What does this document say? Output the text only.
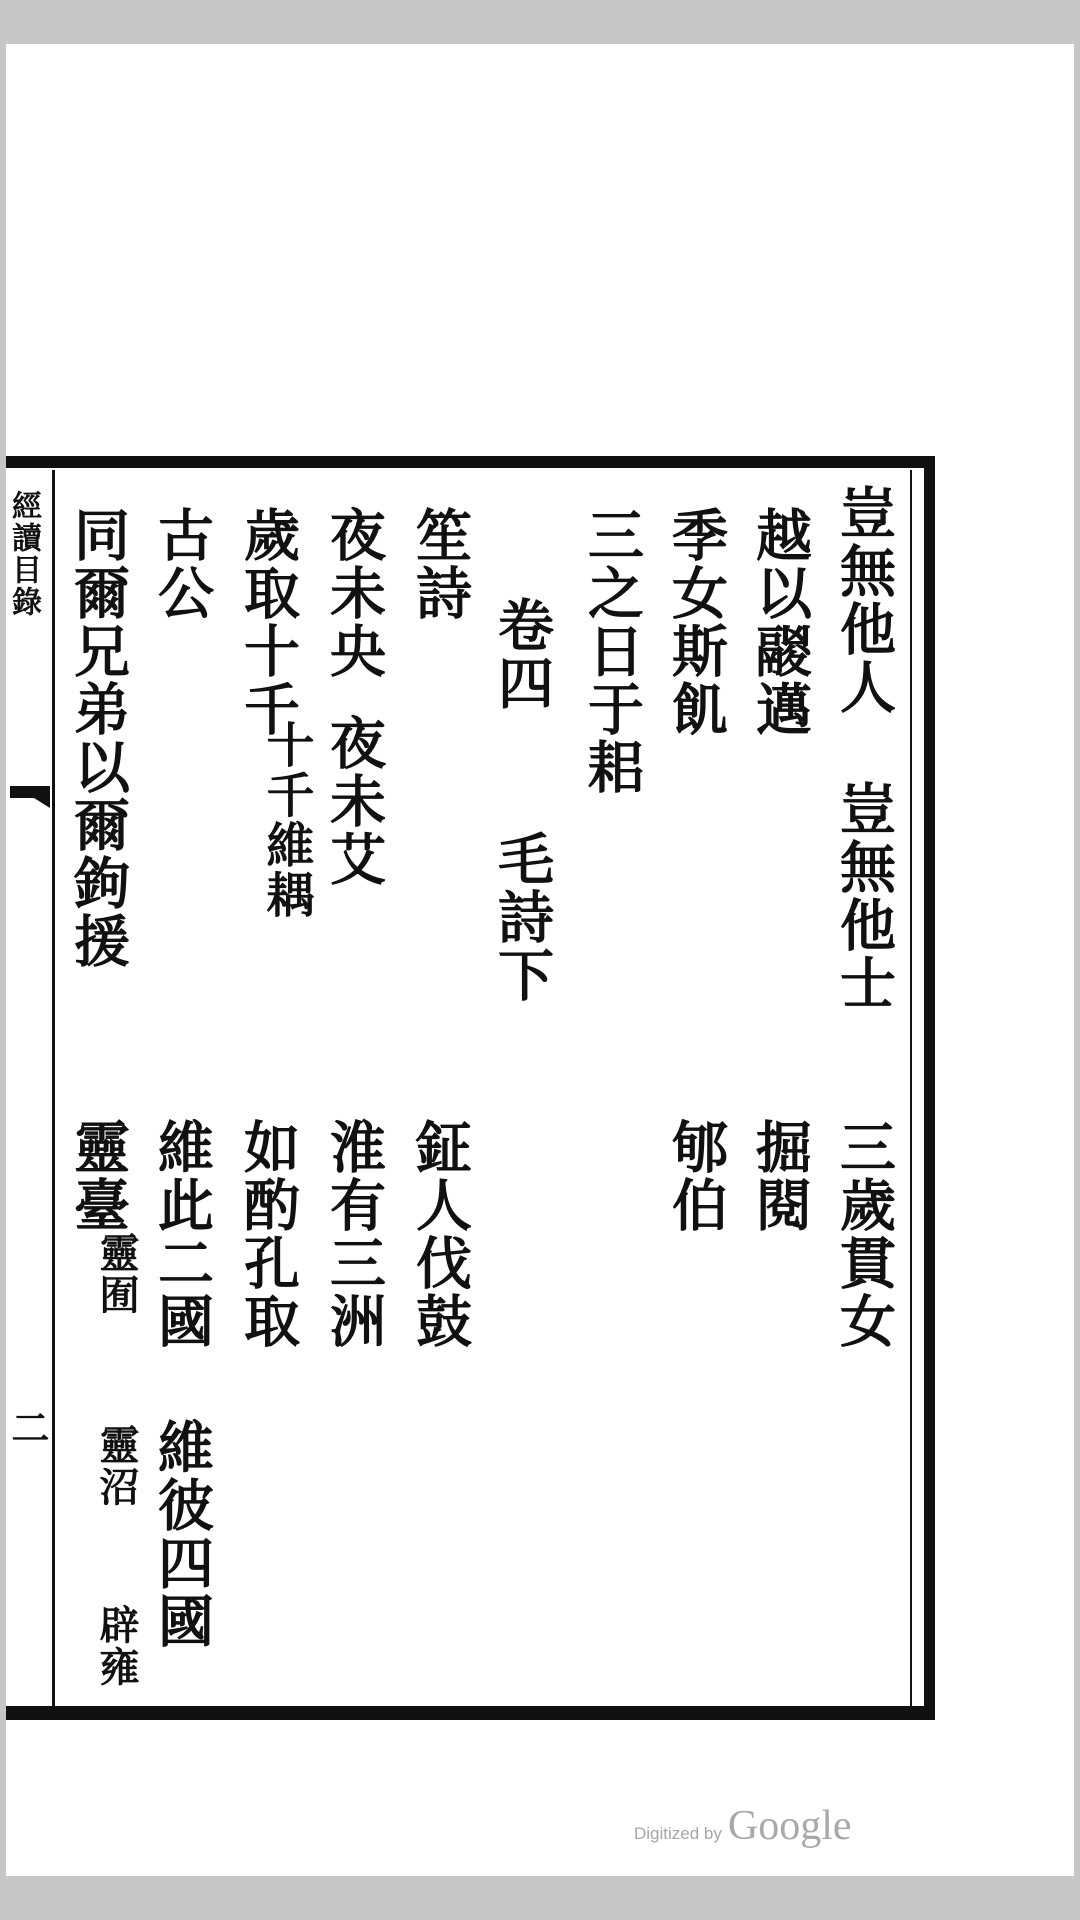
豈無他人
豈無他士
三歲貫女
越以鬷邁
掘閱
季女斯飢
郇伯
三之日于耜
卷四
毛詩下
笙詩
鉦人伐鼓
夜未央
夜未艾
淮有三洲
歲取十千
十千維耦
如酌孔取
古公
維此二國
維彼四國
同爾兄弟以爾鉤援
靈臺
靈囿
靈沼
辟雍
經讀目錄
二
Digitized by Google
